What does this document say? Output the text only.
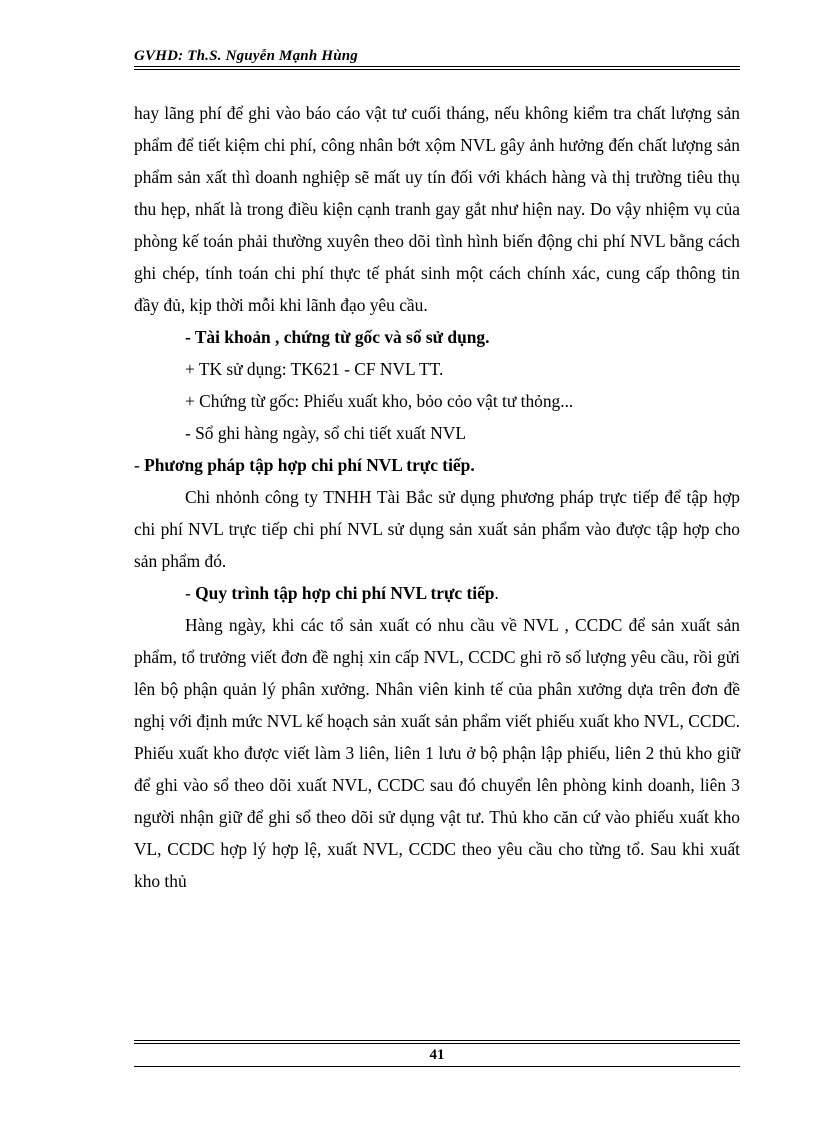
GVHD: Th.S. Nguyễn Mạnh Hùng

hay lãng phí để ghi vào báo cáo vật tư cuối tháng, nếu không kiểm tra chất lượng sản phẩm để tiết kiệm chi phí, công nhân bớt xộm NVL gây ảnh hưởng đến chất lượng sản phẩm sản xất thì doanh nghiệp sẽ mất uy tín đối với khách hàng và thị trường tiêu thụ thu hẹp, nhất là trong điều kiện cạnh tranh gay gắt như hiện nay. Do vậy nhiệm vụ của phòng kế toán phải thường xuyên theo dõi tình hình biến động chi phí NVL bằng cách ghi chép, tính toán chi phí thực tế phát sinh một cách chính xác, cung cấp thông tin đầy đủ, kịp thời mỗi khi lãnh đạo yêu cầu.

- Tài khoản , chứng từ gốc và sổ sử dụng.

+ TK sử dụng: TK621 - CF NVL TT.

+ Chứng từ gốc: Phiếu xuất kho, bỏo cỏo vật tư thỏng...

- Sổ ghi hàng ngày, sổ chi tiết xuất NVL

- Phương pháp tập hợp chi phí NVL trực tiếp.

Chi nhỏnh công ty TNHH Tài Bắc sử dụng phương pháp trực tiếp để tập hợp chi phí NVL trực tiếp chi phí NVL sử dụng sản xuất sản phẩm vào được tập hợp cho sản phẩm đó.

- Quy trình tập hợp chi phí NVL trực tiếp.

Hàng ngày, khi các tổ sản xuất có nhu cầu về NVL , CCDC để sản xuất sản phẩm, tổ trưởng viết đơn đề nghị xin cấp NVL, CCDC ghi rõ số lượng yêu cầu, rồi gửi lên bộ phận quản lý phân xưởng. Nhân viên kinh tế của phân xưởng dựa trên đơn đề nghị với định mức NVL kế hoạch sản xuất sản phẩm viết phiếu xuất kho NVL, CCDC. Phiếu xuất kho được viết làm 3 liên, liên 1 lưu ở bộ phận lập phiếu, liên 2 thủ kho giữ để ghi vào sổ theo dõi xuất NVL, CCDC sau đó chuyển lên phòng kinh doanh, liên 3 người nhận giữ để ghi sổ theo dõi sử dụng vật tư. Thủ kho căn cứ vào phiếu xuất kho VL, CCDC hợp lý hợp lệ, xuất NVL, CCDC theo yêu cầu cho từng tổ. Sau khi xuất kho thủ

41
